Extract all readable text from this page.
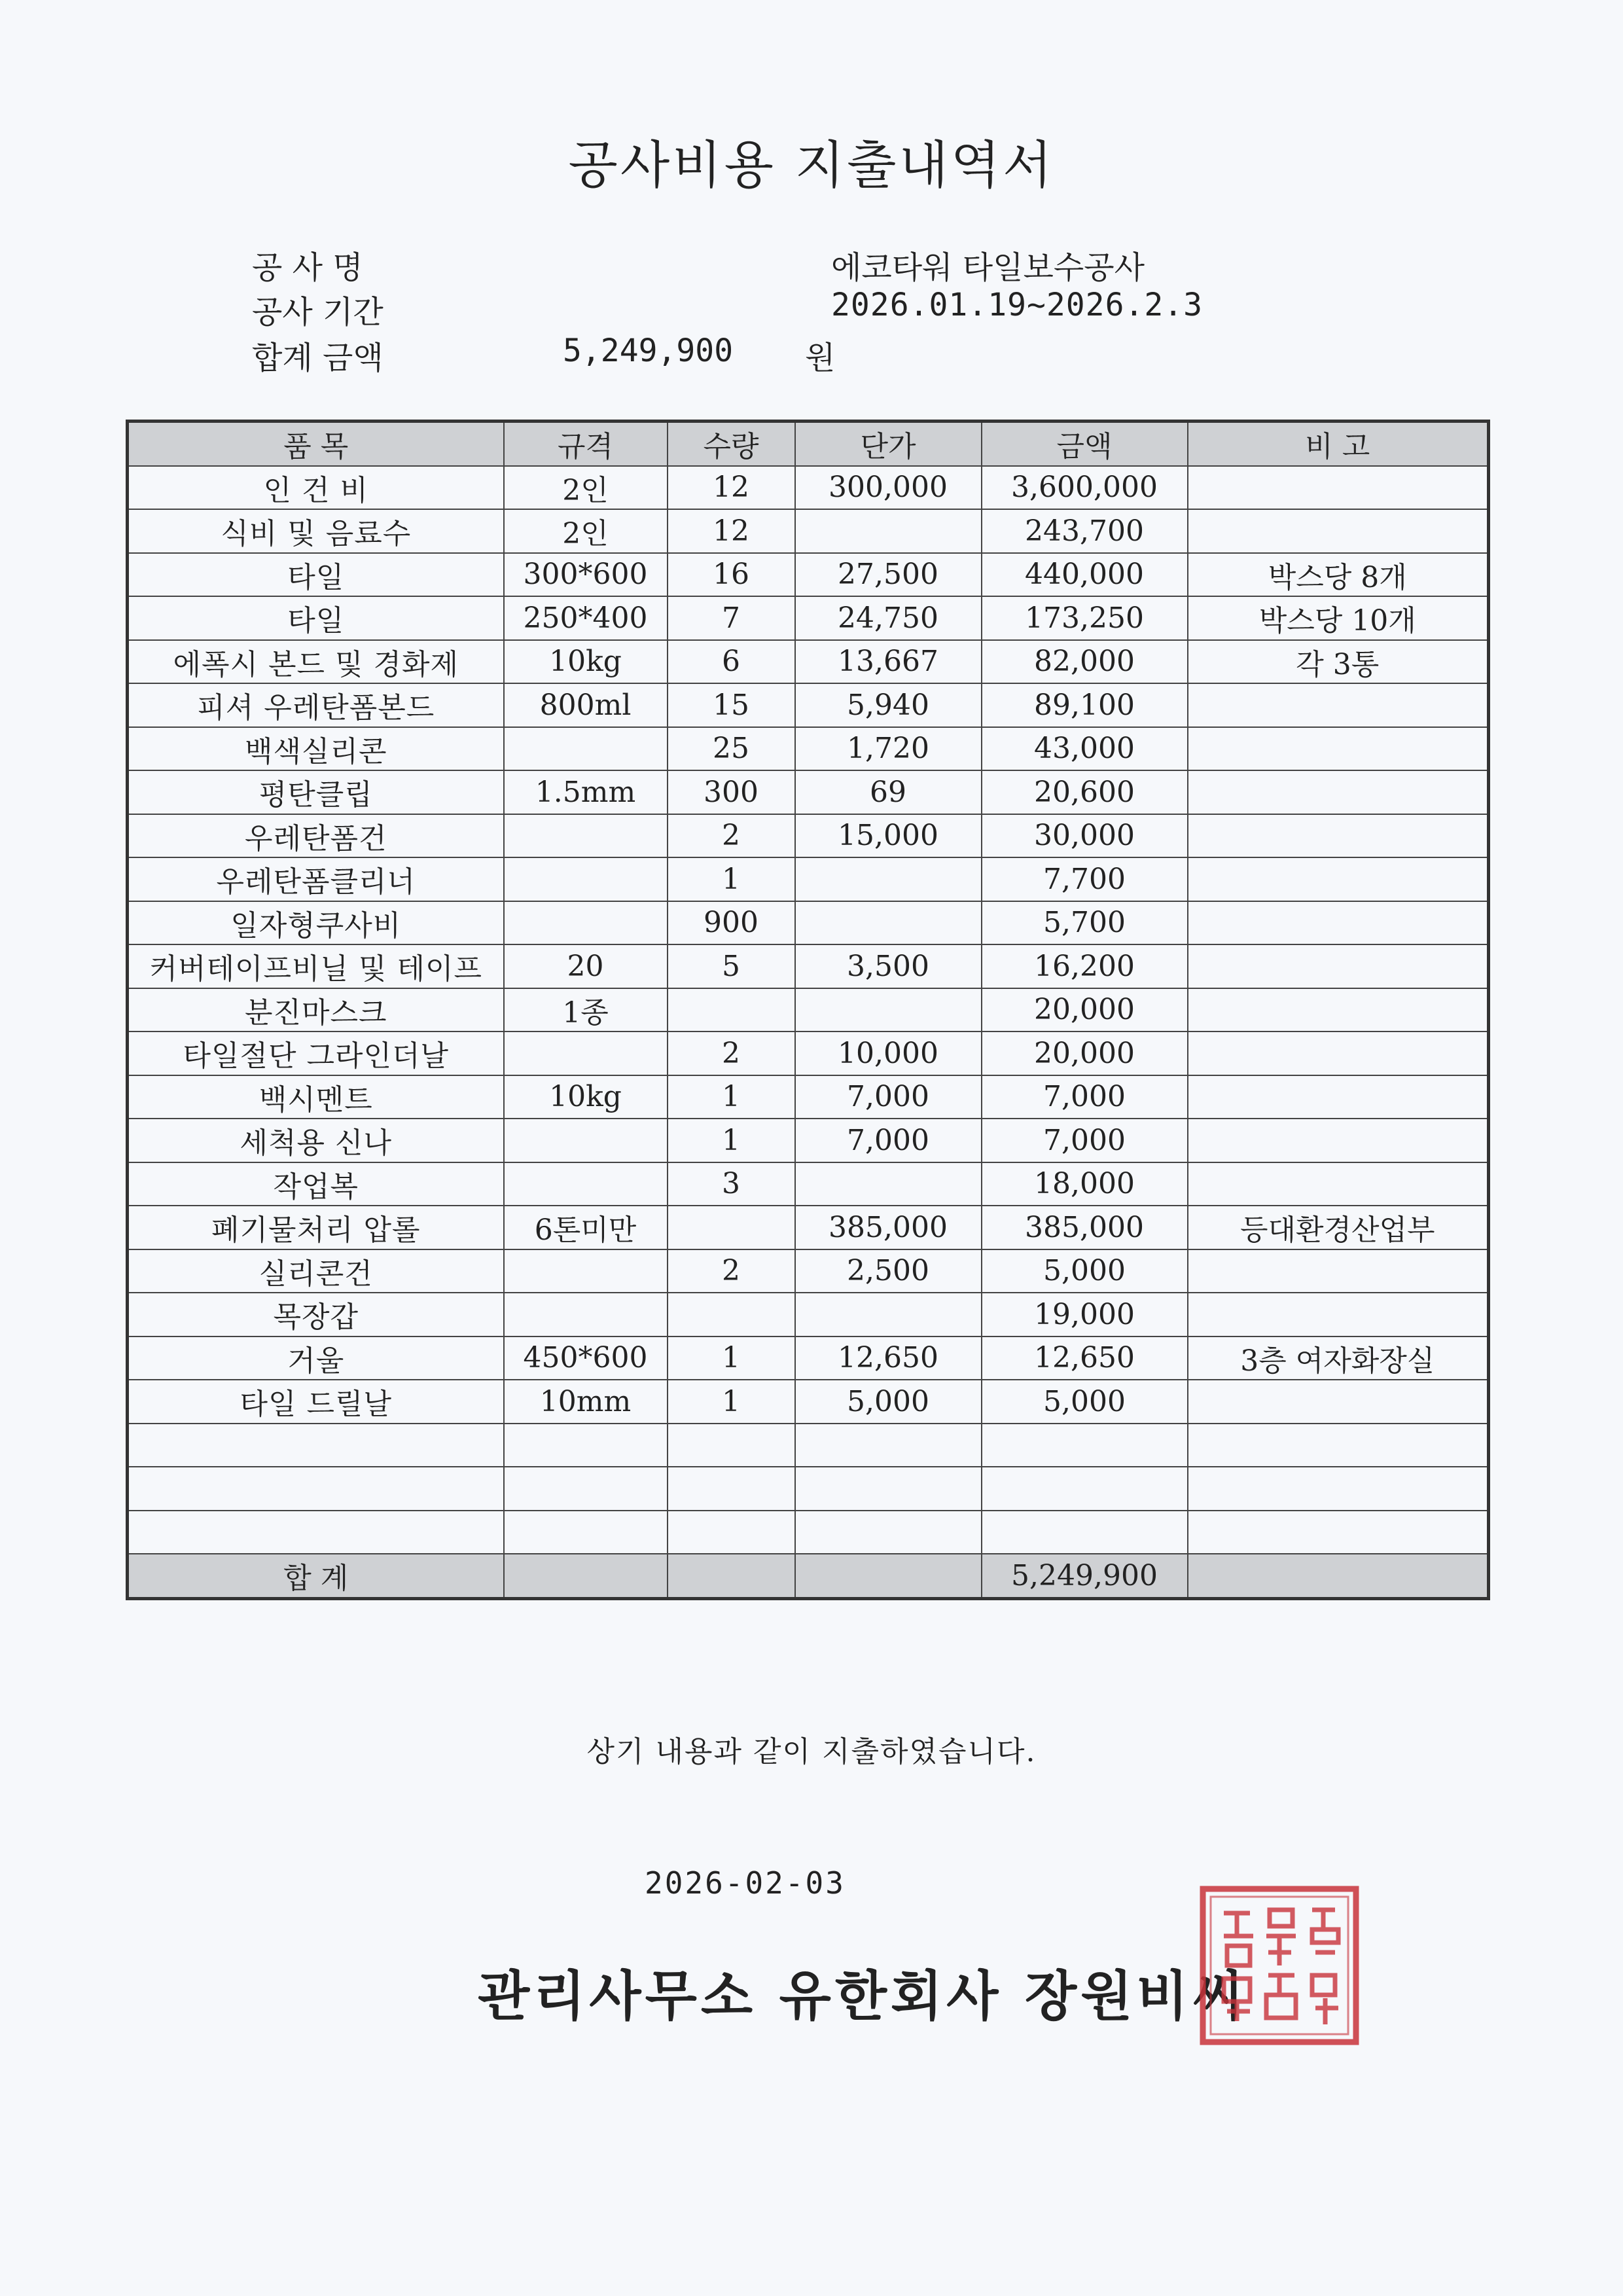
공사비용 지출내역서
공 사 명	에코타워 타일보수공사
공사 기간	2026.01.19~2026.2.3
합계 금액	5,249,900 원
품 목	규격	수량	단가	금액	비 고
인 건 비	2인	12	300,000	3,600,000	
식비 및 음료수	2인	12		243,700	
타일	300*600	16	27,500	440,000	박스당 8개
타일	250*400	7	24,750	173,250	박스당 10개
에폭시 본드 및 경화제	10kg	6	13,667	82,000	각 3통
피셔 우레탄폼본드	800ml	15	5,940	89,100	
백색실리콘		25	1,720	43,000	
평탄클립	1.5mm	300	69	20,600	
우레탄폼건		2	15,000	30,000	
우레탄폼클리너		1		7,700	
일자형쿠사비		900		5,700	
커버테이프비닐 및 테이프	20	5	3,500	16,200	
분진마스크	1종			20,000	
타일절단 그라인더날		2	10,000	20,000	
백시멘트	10kg	1	7,000	7,000	
세척용 신나		1	7,000	7,000	
작업복		3		18,000	
폐기물처리 압롤	6톤미만		385,000	385,000	등대환경산업부
실리콘건		2	2,500	5,000	
목장갑				19,000	
거울	450*600	1	12,650	12,650	3층 여자화장실
타일 드릴날	10mm	1	5,000	5,000	

합 계				5,249,900	
상기 내용과 같이 지출하였습니다.
2026-02-03
관리사무소 유한회사 장원비씨
